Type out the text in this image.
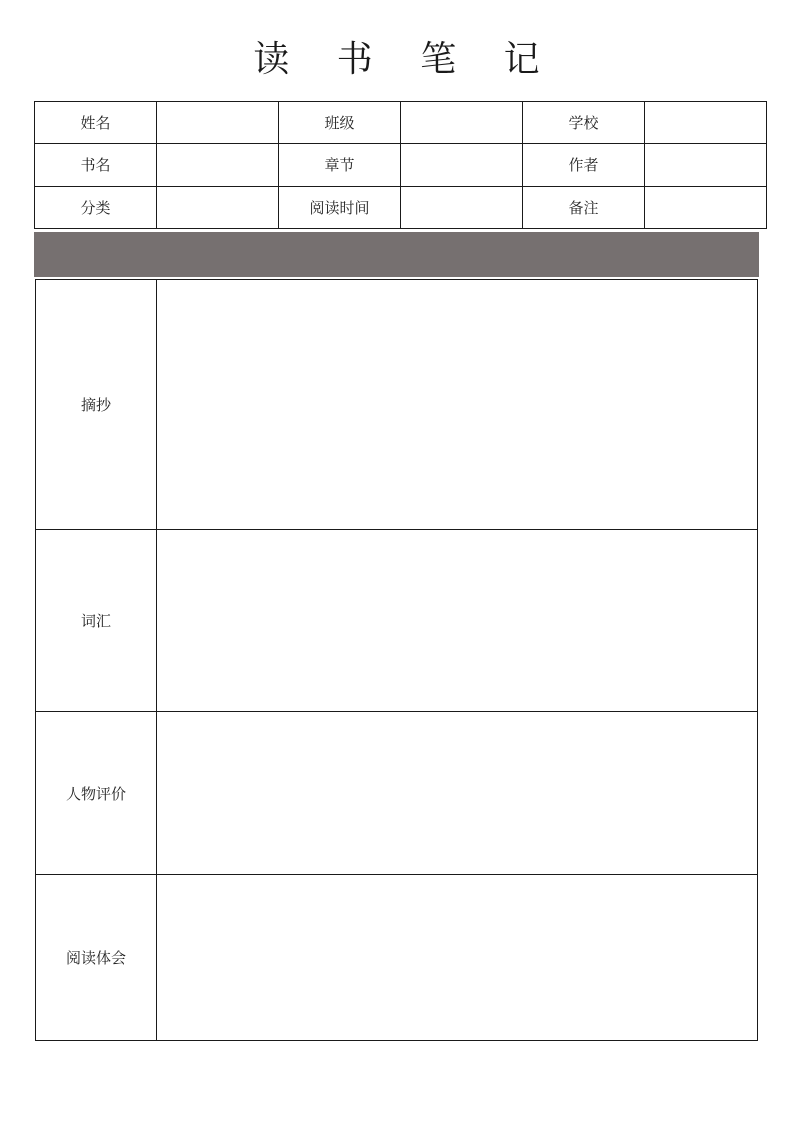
读 书 笔 记
姓名		班级		学校	
书名		章节		作者	
分类		阅读时间		备注	
摘抄	
词汇	
人物评价	
阅读体会	
